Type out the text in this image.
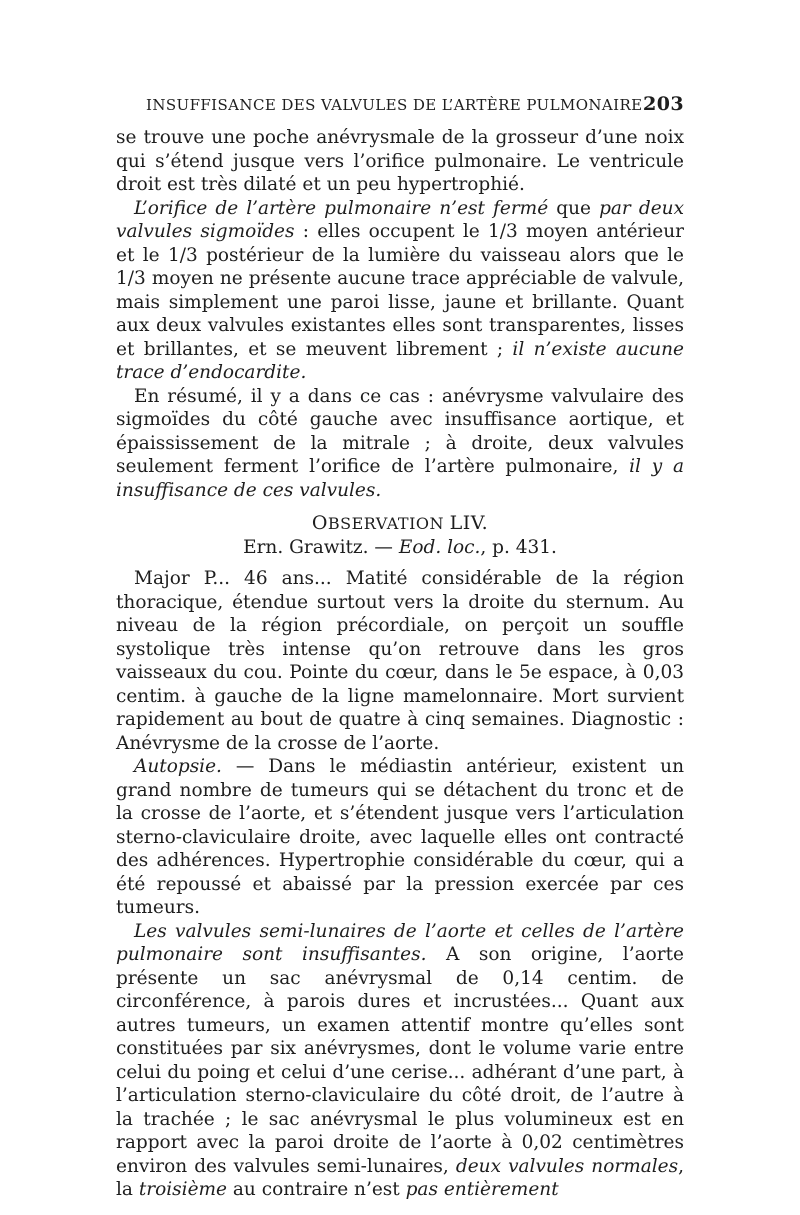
INSUFFISANCE DES VALVULES DE L’ARTÈRE PULMONAIRE.
203

se trouve une poche anévrysmale de la grosseur d’une noix qui s’étend jusque vers l’orifice pulmonaire. Le ventricule droit est très dilaté et un peu hypertrophié.

L’orifice de l’artère pulmonaire n’est fermé que par deux valvules sigmoïdes : elles occupent le 1/3 moyen antérieur et le 1/3 postérieur de la lumière du vaisseau alors que le 1/3 moyen ne présente aucune trace appréciable de valvule, mais simplement une paroi lisse, jaune et brillante. Quant aux deux valvules existantes elles sont transparentes, lisses et brillantes, et se meuvent librement ; il n’existe aucune trace d’endocardite.

En résumé, il y a dans ce cas : anévrysme valvulaire des sigmoïdes du côté gauche avec insuffisance aortique, et épaississement de la mitrale ; à droite, deux valvules seulement ferment l’orifice de l’artère pulmonaire, il y a insuffisance de ces valvules.

OBSERVATION LIV.
Ern. Grawitz. — Eod. loc., p. 431.

Major P... 46 ans... Matité considérable de la région thoracique, étendue surtout vers la droite du sternum. Au niveau de la région précordiale, on perçoit un souffle systolique très intense qu’on retrouve dans les gros vaisseaux du cou. Pointe du cœur, dans le 5e espace, à 0,03 centim. à gauche de la ligne mamelonnaire. Mort survient rapidement au bout de quatre à cinq semaines. Diagnostic : Anévrysme de la crosse de l’aorte.

Autopsie. — Dans le médiastin antérieur, existent un grand nombre de tumeurs qui se détachent du tronc et de la crosse de l’aorte, et s’étendent jusque vers l’articulation sterno-claviculaire droite, avec laquelle elles ont contracté des adhérences. Hypertrophie considérable du cœur, qui a été repoussé et abaissé par la pression exercée par ces tumeurs.

Les valvules semi-lunaires de l’aorte et celles de l’artère pulmonaire sont insuffisantes. A son origine, l’aorte présente un sac anévrysmal de 0,14 centim. de circonférence, à parois dures et incrustées... Quant aux autres tumeurs, un examen attentif montre qu’elles sont constituées par six anévrysmes, dont le volume varie entre celui du poing et celui d’une cerise... adhérant d’une part, à l’articulation sterno-claviculaire du côté droit, de l’autre à la trachée ; le sac anévrysmal le plus volumineux est en rapport avec la paroi droite de l’aorte à 0,02 centimètres environ des valvules semi-lunaires, deux valvules normales, la troisième au contraire n’est pas entièrement
